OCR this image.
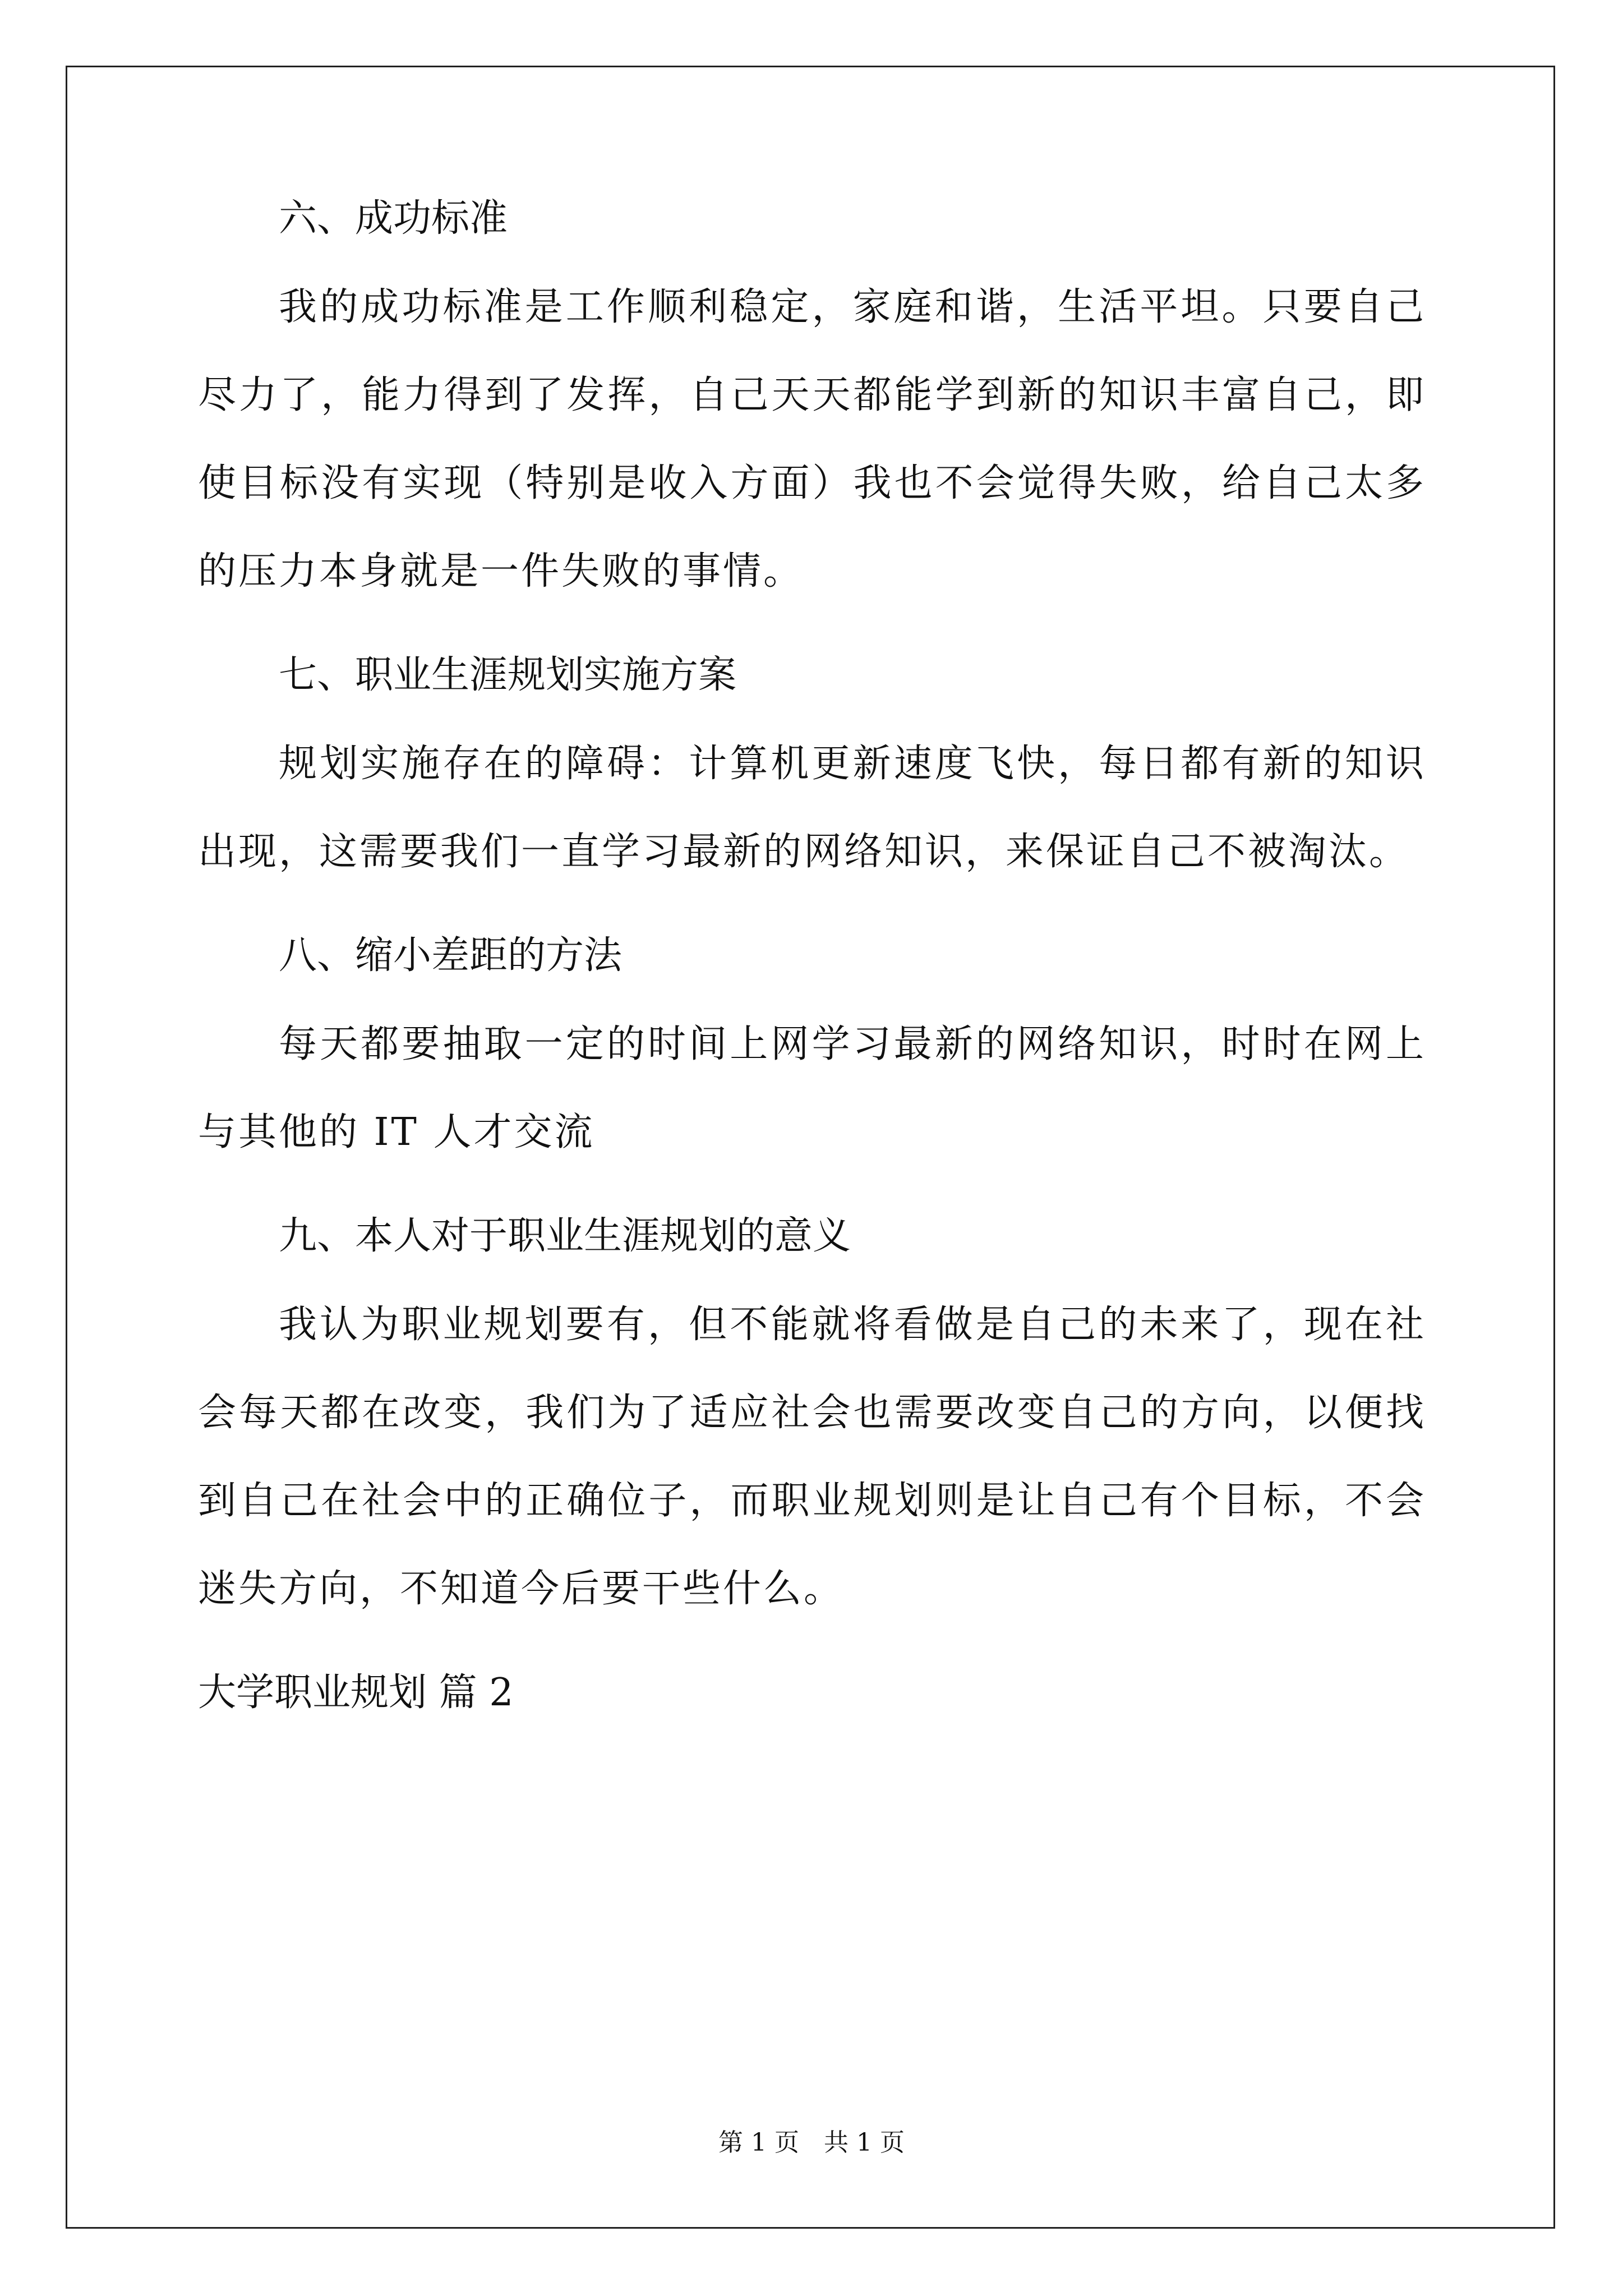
六、成功标准
我的成功标准是工作顺利稳定，家庭和谐，生活平坦。只要自己尽力了，能力得到了发挥，自己天天都能学到新的知识丰富自己，即使目标没有实现（特别是收入方面）我也不会觉得失败，给自己太多的压力本身就是一件失败的事情。
七、职业生涯规划实施方案
规划实施存在的障碍：计算机更新速度飞快，每日都有新的知识出现，这需要我们一直学习最新的网络知识，来保证自己不被淘汰。
八、缩小差距的方法
每天都要抽取一定的时间上网学习最新的网络知识，时时在网上与其他的 IT 人才交流
九、本人对于职业生涯规划的意义
我认为职业规划要有，但不能就将看做是自己的未来了，现在社会每天都在改变，我们为了适应社会也需要改变自己的方向，以便找到自己在社会中的正确位子，而职业规划则是让自己有个目标，不会迷失方向，不知道今后要干些什么。
大学职业规划 篇 2
第 1 页　共 1 页
